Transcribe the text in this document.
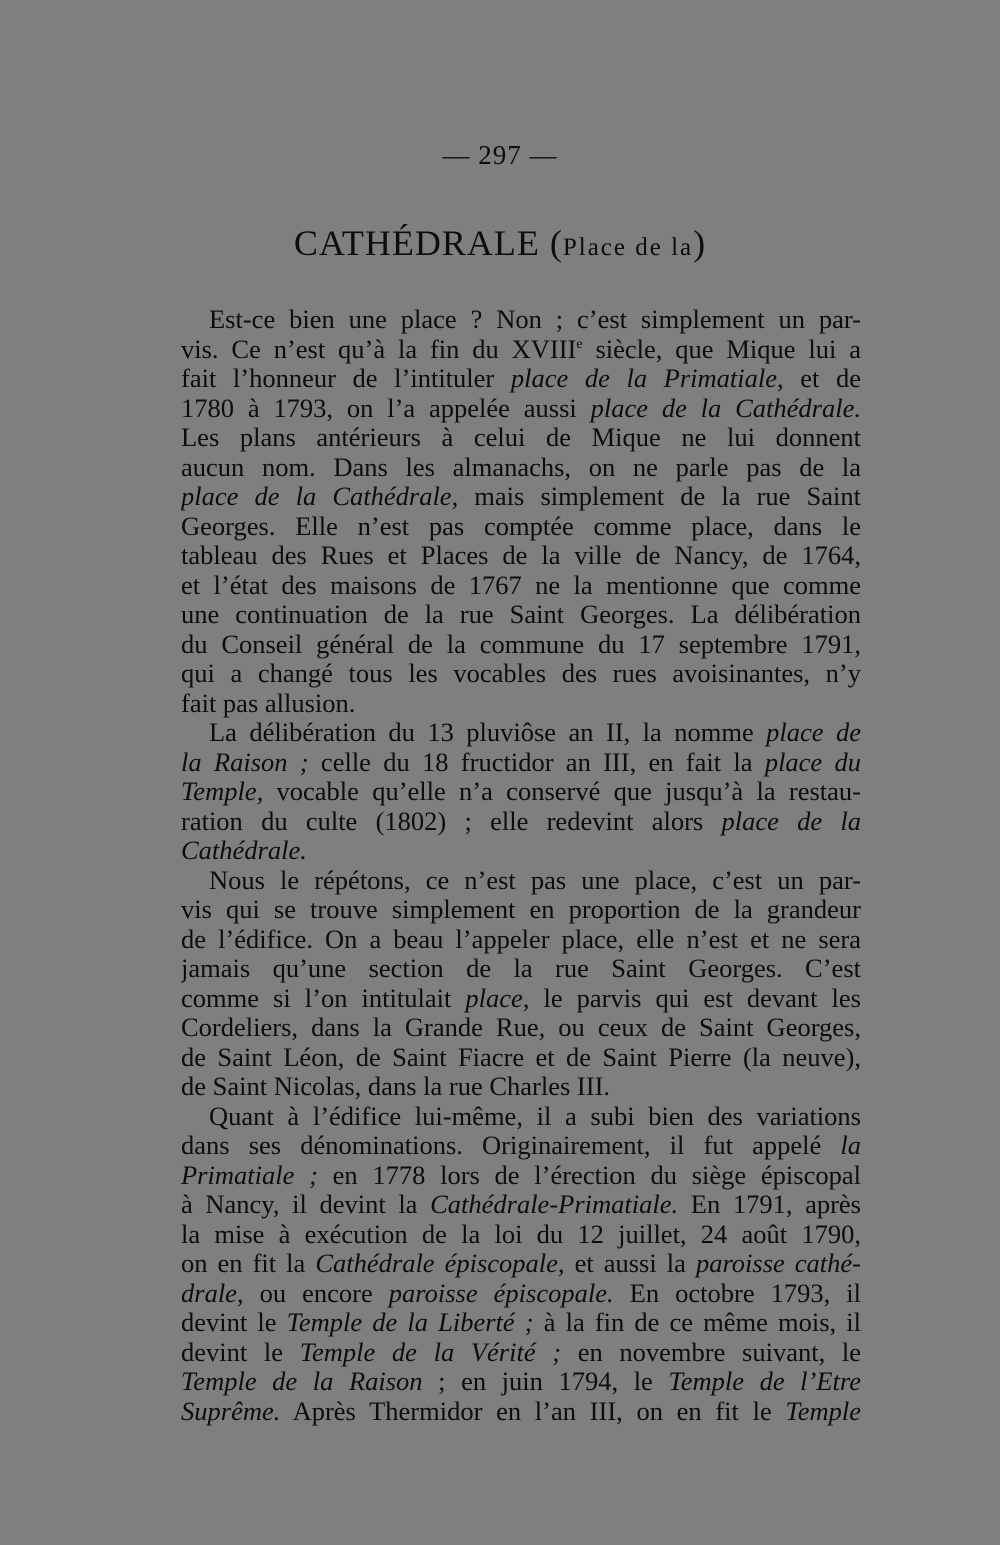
— 297 —
CATHÉDRALE (Place de la)
Est-ce bien une place ? Non ; c’est simplement un par-
vis. Ce n’est qu’à la fin du XVIIIe siècle, que Mique lui a
fait l’honneur de l’intituler place de la Primatiale, et de
1780 à 1793, on l’a appelée aussi place de la Cathédrale.
Les plans antérieurs à celui de Mique ne lui donnent
aucun nom. Dans les almanachs, on ne parle pas de la
place de la Cathédrale, mais simplement de la rue Saint
Georges. Elle n’est pas comptée comme place, dans le
tableau des Rues et Places de la ville de Nancy, de 1764,
et l’état des maisons de 1767 ne la mentionne que comme
une continuation de la rue Saint Georges. La délibération
du Conseil général de la commune du 17 septembre 1791,
qui a changé tous les vocables des rues avoisinantes, n’y
fait pas allusion.
La délibération du 13 pluviôse an II, la nomme place de
la Raison ; celle du 18 fructidor an III, en fait la place du
Temple, vocable qu’elle n’a conservé que jusqu’à la restau-
ration du culte (1802) ; elle redevint alors place de la
Cathédrale.
Nous le répétons, ce n’est pas une place, c’est un par-
vis qui se trouve simplement en proportion de la grandeur
de l’édifice. On a beau l’appeler place, elle n’est et ne sera
jamais qu’une section de la rue Saint Georges. C’est
comme si l’on intitulait place, le parvis qui est devant les
Cordeliers, dans la Grande Rue, ou ceux de Saint Georges,
de Saint Léon, de Saint Fiacre et de Saint Pierre (la neuve),
de Saint Nicolas, dans la rue Charles III.
Quant à l’édifice lui-même, il a subi bien des variations
dans ses dénominations. Originairement, il fut appelé la
Primatiale ; en 1778 lors de l’érection du siège épiscopal
à Nancy, il devint la Cathédrale-Primatiale. En 1791, après
la mise à exécution de la loi du 12 juillet, 24 août 1790,
on en fit la Cathédrale épiscopale, et aussi la paroisse cathé-
drale, ou encore paroisse épiscopale. En octobre 1793, il
devint le Temple de la Liberté ; à la fin de ce même mois, il
devint le Temple de la Vérité ; en novembre suivant, le
Temple de la Raison ; en juin 1794, le Temple de l’Etre
Suprême. Après Thermidor en l’an III, on en fit le Temple
